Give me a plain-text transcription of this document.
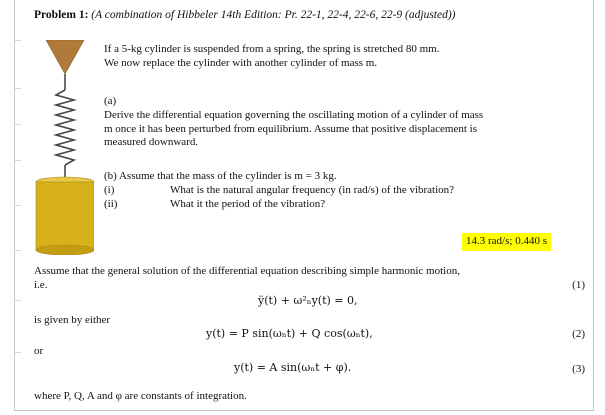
Problem 1: (A combination of Hibbeler 14th Edition: Pr. 22-1, 22-4, 22-6, 22-9 (adjusted))
If a 5-kg cylinder is suspended from a spring, the spring is stretched 80 mm.
We now replace the cylinder with another cylinder of mass m.
(a)
Derive the differential equation governing the oscillating motion of a cylinder of mass
m once it has been perturbed from equilibrium. Assume that positive displacement is
measured downward.
(b) Assume that the mass of the cylinder is m = 3 kg.
(i)	What is the natural angular frequency (in rad/s) of the vibration?
(ii)	What it the period of the vibration?
14.3 rad/s; 0.440 s
Assume that the general solution of the differential equation describing simple harmonic motion,
i.e.	(1)
ÿ(t) + ω²ₙy(t) = 0,
is given by either
y(t) = P sin(ωₙt) + Q cos(ωₙt),	(2)
or
y(t) = A sin(ωₙt + φ).	(3)
where P, Q, A and φ are constants of integration.
